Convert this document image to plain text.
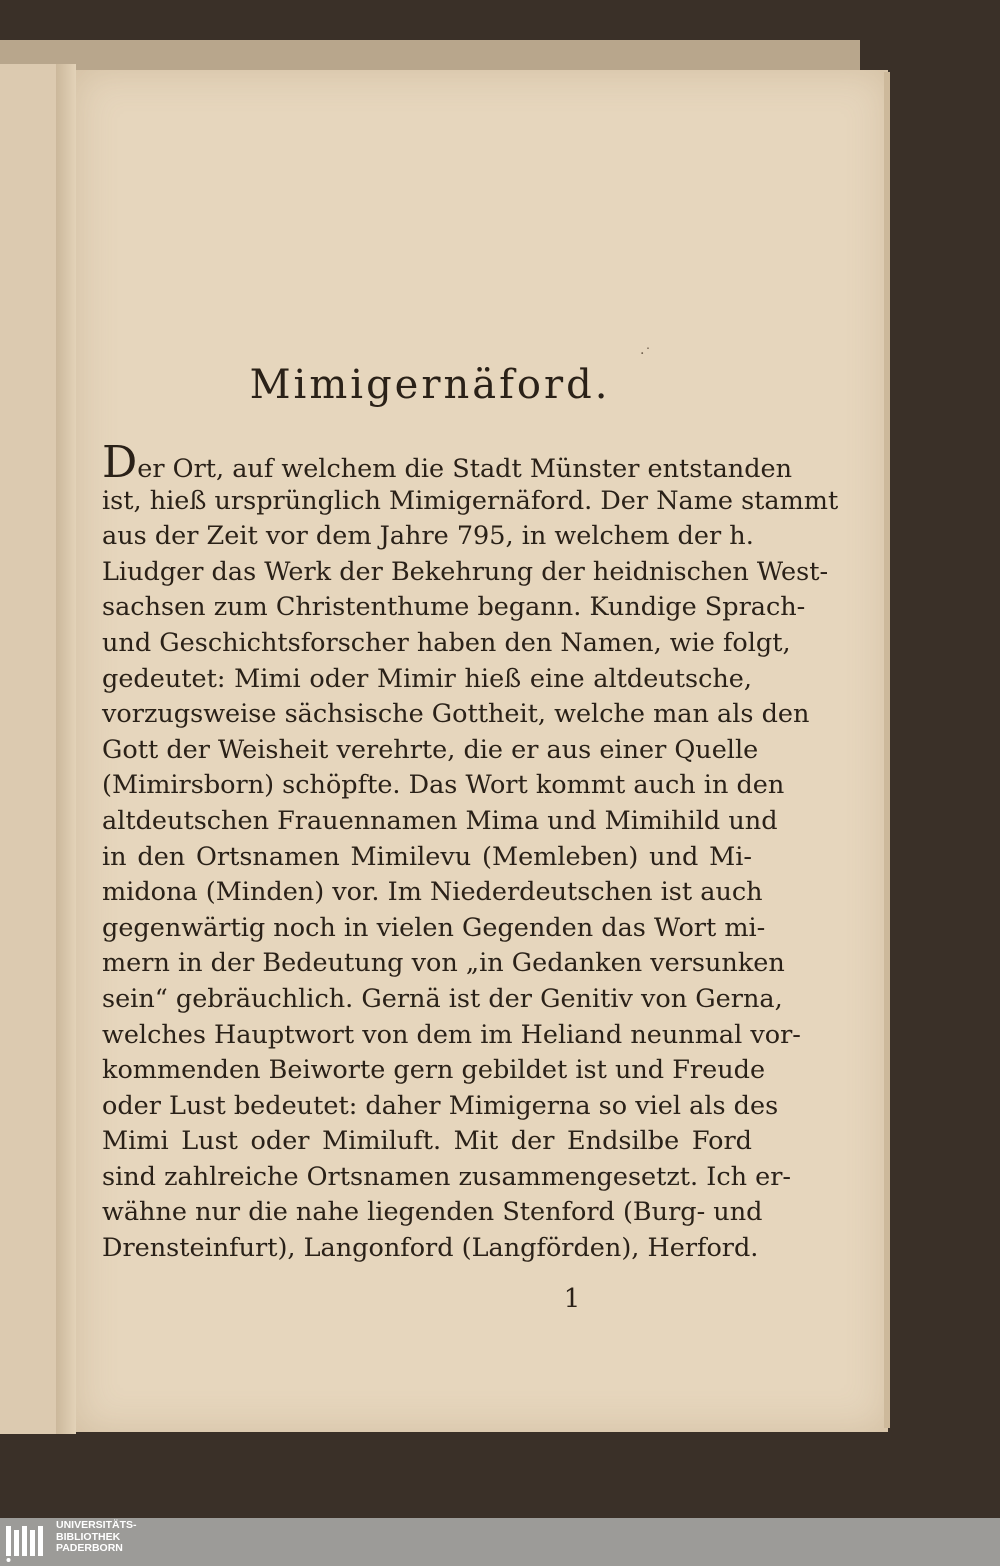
·˙
Mimigernäford.
Der Ort, auf welchem die Stadt Münster entstanden
ist, hieß ursprünglich Mimigernäford. Der Name stammt
aus der Zeit vor dem Jahre 795, in welchem der h.
Liudger das Werk der Bekehrung der heidnischen West-
sachsen zum Christenthume begann. Kundige Sprach-
und Geschichtsforscher haben den Namen, wie folgt,
gedeutet: Mimi oder Mimir hieß eine altdeutsche,
vorzugsweise sächsische Gottheit, welche man als den
Gott der Weisheit verehrte, die er aus einer Quelle
(Mimirsborn) schöpfte. Das Wort kommt auch in den
altdeutschen Frauennamen Mima und Mimihild und
in den Ortsnamen Mimilevu (Memleben) und Mi-
midona (Minden) vor. Im Niederdeutschen ist auch
gegenwärtig noch in vielen Gegenden das Wort mi-
mern in der Bedeutung von „in Gedanken versunken
sein“ gebräuchlich. Gernä ist der Genitiv von Gerna,
welches Hauptwort von dem im Heliand neunmal vor-
kommenden Beiworte gern gebildet ist und Freude
oder Lust bedeutet: daher Mimigerna so viel als des
Mimi Lust oder Mimiluft. Mit der Endsilbe Ford
sind zahlreiche Ortsnamen zusammengesetzt. Ich er-
wähne nur die nahe liegenden Stenford (Burg- und
Drensteinfurt), Langonford (Langförden), Herford.
1
UNIVERSITÄTS-
BIBLIOTHEK
PADERBORN
